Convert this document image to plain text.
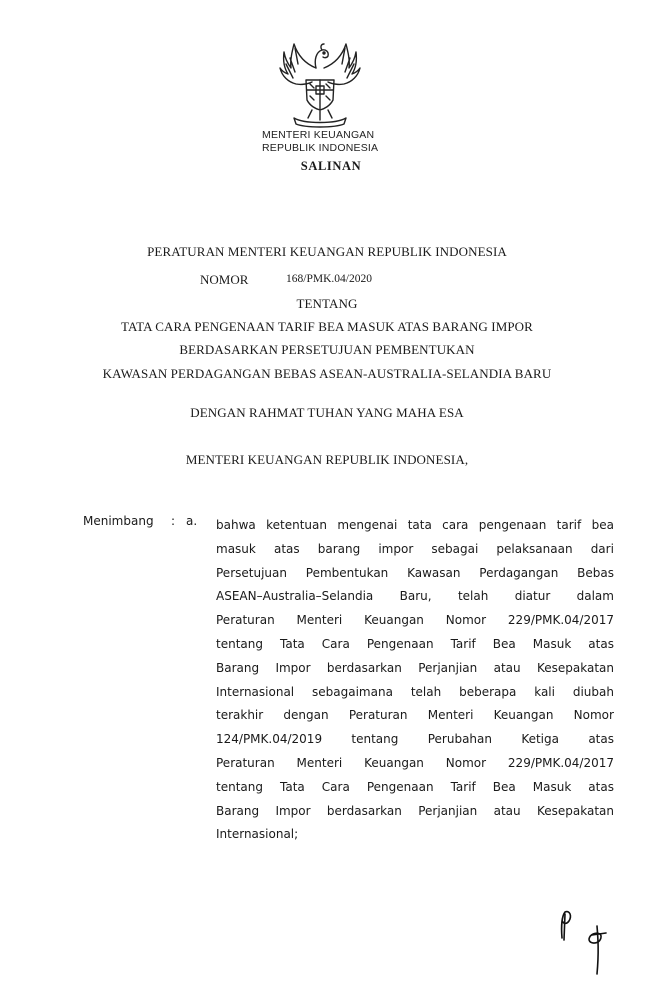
MENTERI KEUANGAN
REPUBLIK INDONESIA
SALINAN
PERATURAN MENTERI KEUANGAN REPUBLIK INDONESIA
NOMOR	168/PMK.04/2020
TENTANG
TATA CARA PENGENAAN TARIF BEA MASUK ATAS BARANG IMPOR
BERDASARKAN PERSETUJUAN PEMBENTUKAN
KAWASAN PERDAGANGAN BEBAS ASEAN-AUSTRALIA-SELANDIA BARU
DENGAN RAHMAT TUHAN YANG MAHA ESA
MENTERI KEUANGAN REPUBLIK INDONESIA,
Menimbang : a. bahwa ketentuan mengenai tata cara pengenaan tarif bea
masuk atas barang impor sebagai pelaksanaan dari
Persetujuan Pembentukan Kawasan Perdagangan Bebas
ASEAN–Australia–Selandia Baru, telah diatur dalam
Peraturan Menteri Keuangan Nomor 229/PMK.04/2017
tentang Tata Cara Pengenaan Tarif Bea Masuk atas
Barang Impor berdasarkan Perjanjian atau Kesepakatan
Internasional sebagaimana telah beberapa kali diubah
terakhir dengan Peraturan Menteri Keuangan Nomor
124/PMK.04/2019 tentang Perubahan Ketiga atas
Peraturan Menteri Keuangan Nomor 229/PMK.04/2017
tentang Tata Cara Pengenaan Tarif Bea Masuk atas
Barang Impor berdasarkan Perjanjian atau Kesepakatan
Internasional;
